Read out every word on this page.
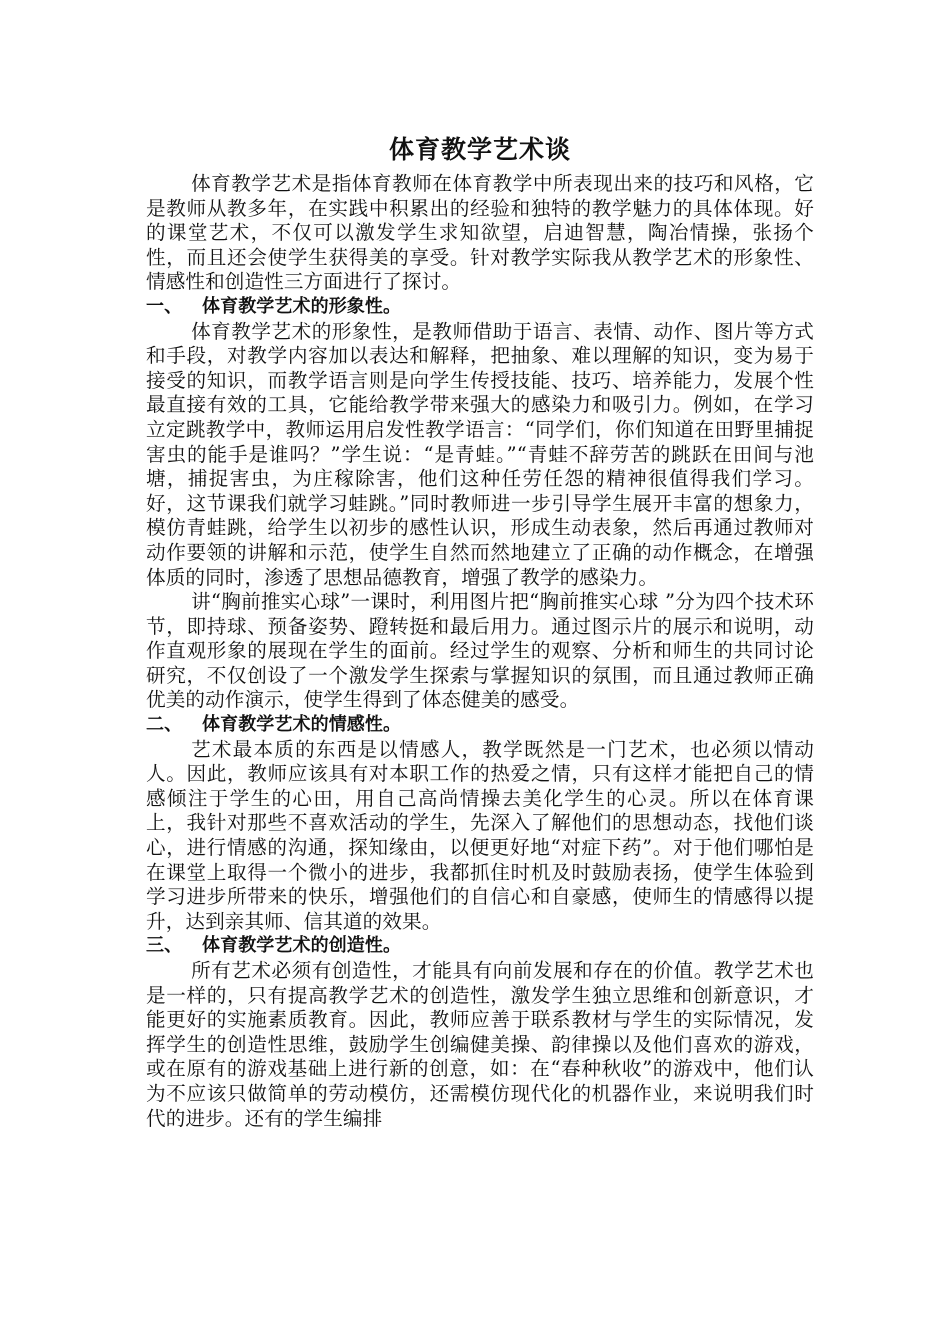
体育教学艺术谈

体育教学艺术是指体育教师在体育教学中所表现出来的技巧和风格，它是教师从教多年，在实践中积累出的经验和独特的教学魅力的具体体现。好的课堂艺术，不仅可以激发学生求知欲望，启迪智慧，陶冶情操，张扬个性，而且还会使学生获得美的享受。针对教学实际我从教学艺术的形象性、情感性和创造性三方面进行了探讨。

一、 体育教学艺术的形象性。

体育教学艺术的形象性，是教师借助于语言、表情、动作、图片等方式和手段，对教学内容加以表达和解释，把抽象、难以理解的知识，变为易于接受的知识，而教学语言则是向学生传授技能、技巧、培养能力，发展个性最直接有效的工具，它能给教学带来强大的感染力和吸引力。例如，在学习立定跳教学中，教师运用启发性教学语言：“同学们，你们知道在田野里捕捉害虫的能手是谁吗？”学生说：“是青蛙。”“青蛙不辞劳苦的跳跃在田间与池塘，捕捉害虫，为庄稼除害，他们这种任劳任怨的精神很值得我们学习。好，这节课我们就学习蛙跳。”同时教师进一步引导学生展开丰富的想象力，模仿青蛙跳，给学生以初步的感性认识，形成生动表象，然后再通过教师对动作要领的讲解和示范，使学生自然而然地建立了正确的动作概念，在增强体质的同时，渗透了思想品德教育，增强了教学的感染力。

讲“胸前推实心球”一课时，利用图片把“胸前推实心球 ”分为四个技术环节，即持球、预备姿势、蹬转挺和最后用力。通过图示片的展示和说明，动作直观形象的展现在学生的面前。经过学生的观察、分析和师生的共同讨论研究，不仅创设了一个激发学生探索与掌握知识的氛围，而且通过教师正确优美的动作演示，使学生得到了体态健美的感受。

二、 体育教学艺术的情感性。

艺术最本质的东西是以情感人，教学既然是一门艺术，也必须以情动人。因此，教师应该具有对本职工作的热爱之情，只有这样才能把自己的情感倾注于学生的心田，用自己高尚情操去美化学生的心灵。所以在体育课上，我针对那些不喜欢活动的学生，先深入了解他们的思想动态，找他们谈心，进行情感的沟通，探知缘由，以便更好地“对症下药”。对于他们哪怕是在课堂上取得一个微小的进步，我都抓住时机及时鼓励表扬，使学生体验到学习进步所带来的快乐，增强他们的自信心和自豪感，使师生的情感得以提升，达到亲其师、信其道的效果。

三、 体育教学艺术的创造性。

所有艺术必须有创造性，才能具有向前发展和存在的价值。教学艺术也是一样的，只有提高教学艺术的创造性，激发学生独立思维和创新意识，才能更好的实施素质教育。因此，教师应善于联系教材与学生的实际情况，发挥学生的创造性思维，鼓励学生创编健美操、韵律操以及他们喜欢的游戏，或在原有的游戏基础上进行新的创意，如：在“春种秋收”的游戏中，他们认为不应该只做简单的劳动模仿，还需模仿现代化的机器作业，来说明我们时代的进步。还有的学生编排
